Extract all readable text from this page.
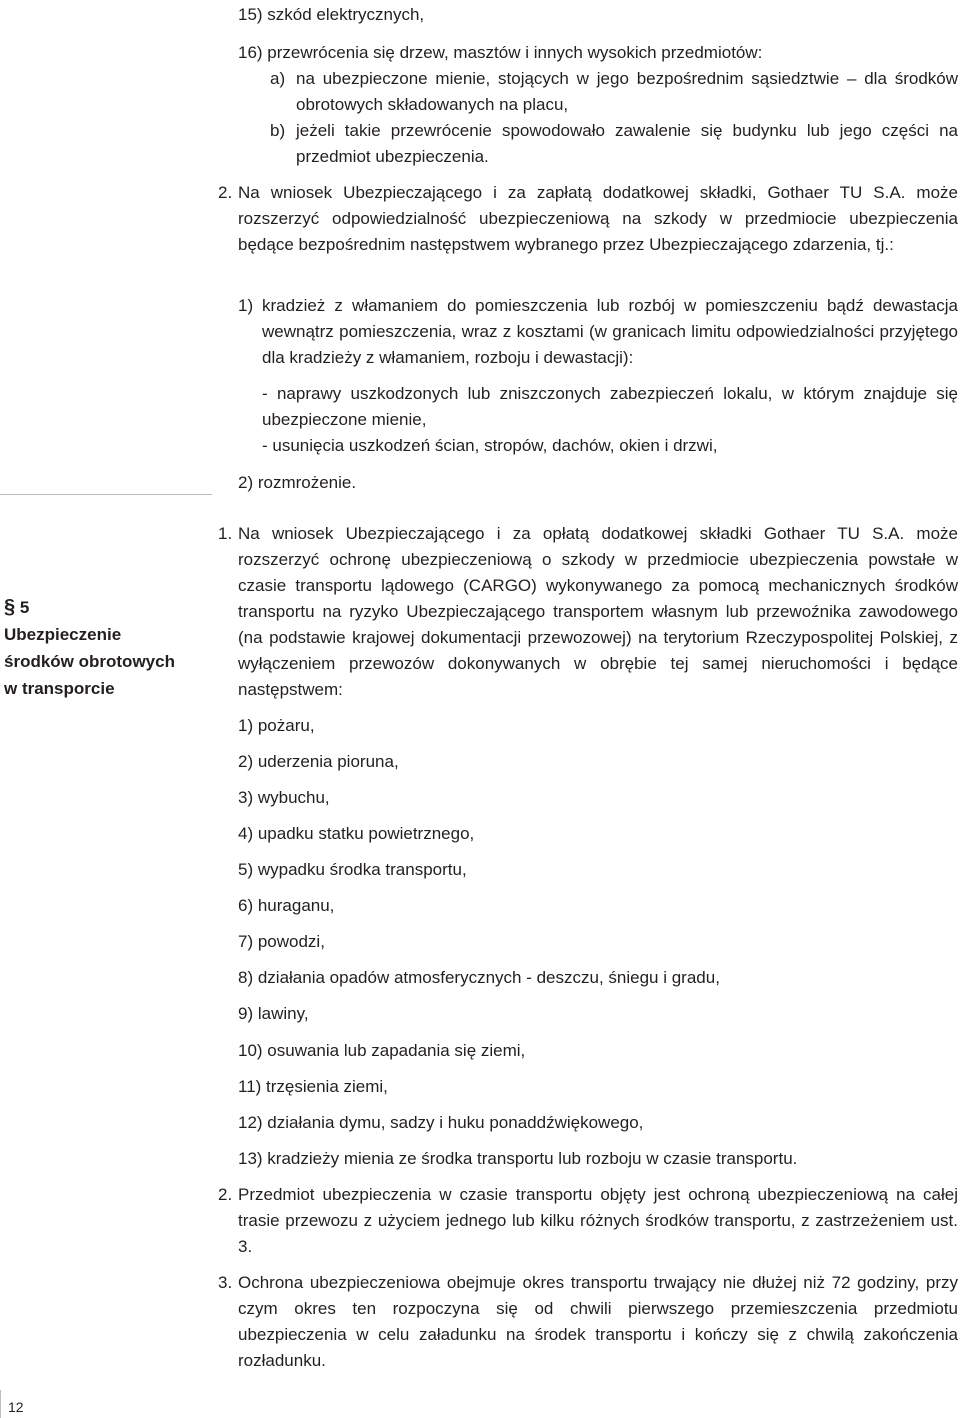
15) szkód elektrycznych,
16) przewrócenia się drzew, masztów i innych wysokich przedmiotów:
a) na ubezpieczone mienie, stojących w jego bezpośrednim sąsiedztwie – dla środków obrotowych składowanych na placu,
b) jeżeli takie przewrócenie spowodowało zawalenie się budynku lub jego części na przedmiot ubezpieczenia.
2. Na wniosek Ubezpieczającego i za zapłatą dodatkowej składki, Gothaer TU S.A. może rozszerzyć odpowiedzialność ubezpieczeniową na szkody w przedmiocie ubezpieczenia będące bezpośrednim następstwem wybranego przez Ubezpieczającego zdarzenia, tj.:
1) kradzież z włamaniem do pomieszczenia lub rozbój w pomieszczeniu bądź dewastacja wewnątrz pomieszczenia, wraz z kosztami (w granicach limitu odpowiedzialności przyjętego dla kradzieży z włamaniem, rozboju i dewastacji):
- naprawy uszkodzonych lub zniszczonych zabezpieczeń lokalu, w którym znajduje się ubezpieczone mienie,
- usunięcia uszkodzeń ścian, stropów, dachów, okien i drzwi,
2) rozmrożenie.
§ 5
Ubezpieczenie
środków obrotowych
w transporcie
1. Na wniosek Ubezpieczającego i za opłatą dodatkowej składki Gothaer TU S.A. może rozszerzyć ochronę ubezpieczeniową o szkody w przedmiocie ubezpieczenia powstałe w czasie transportu lądowego (CARGO) wykonywanego za pomocą mechanicznych środków transportu na ryzyko Ubezpieczającego transportem własnym lub przewoźnika zawodowego (na podstawie krajowej dokumentacji przewozowej) na terytorium Rzeczypospolitej Polskiej, z wyłączeniem przewozów dokonywanych w obrębie tej samej nieruchomości i będące następstwem:
1) pożaru,
2) uderzenia pioruna,
3) wybuchu,
4) upadku statku powietrznego,
5) wypadku środka transportu,
6) huraganu,
7) powodzi,
8) działania opadów atmosferycznych - deszczu, śniegu i gradu,
9) lawiny,
10) osuwania lub zapadania się ziemi,
11) trzęsienia ziemi,
12) działania dymu, sadzy i huku ponaddźwiękowego,
13) kradzieży mienia ze środka transportu lub rozboju w czasie transportu.
2. Przedmiot ubezpieczenia w czasie transportu objęty jest ochroną ubezpieczeniową na całej trasie przewozu z użyciem jednego lub kilku różnych środków transportu, z zastrzeżeniem ust. 3.
3. Ochrona ubezpieczeniowa obejmuje okres transportu trwający nie dłużej niż 72 godziny, przy czym okres ten rozpoczyna się od chwili pierwszego przemieszczenia przedmiotu ubezpieczenia w celu załadunku na środek transportu i kończy się z chwilą zakończenia rozładunku.
12
